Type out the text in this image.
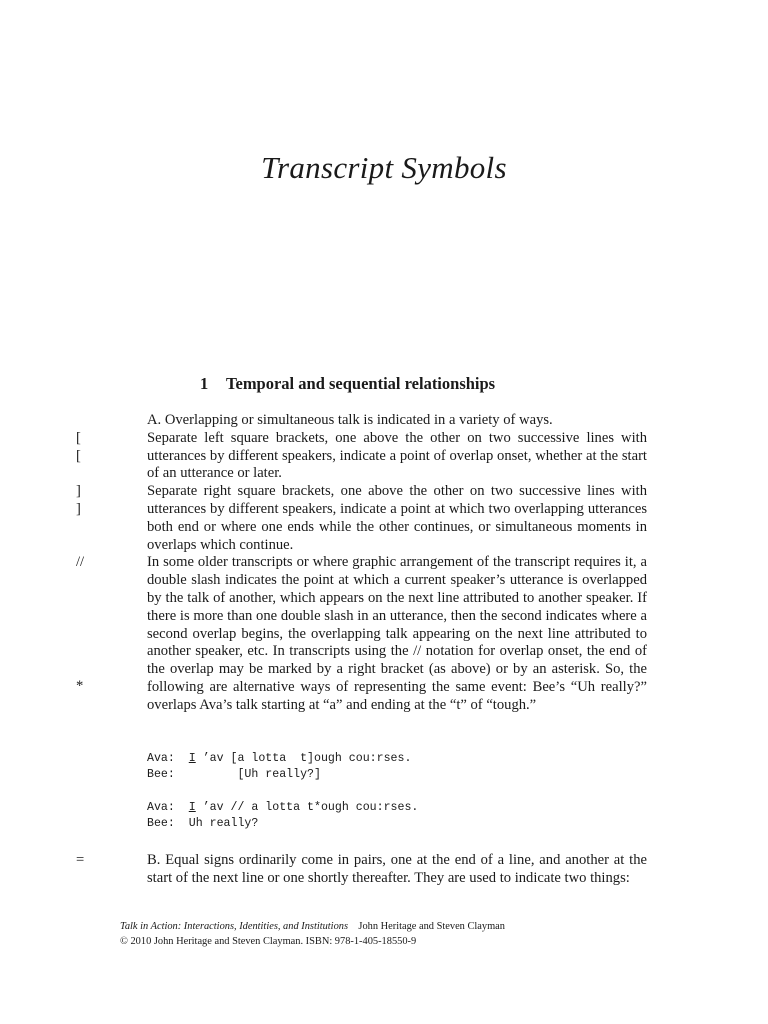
Transcript Symbols
1 Temporal and sequential relationships
[
[
]
]
//
*
=

A. Overlapping or simultaneous talk is indicated in a variety of ways.

Separate left square brackets, one above the other on two successive lines with utterances by different speakers, indicate a point of overlap onset, whether at the start of an utterance or later.

Separate right square brackets, one above the other on two successive lines with utterances by different speakers, indicate a point at which two overlapping utterances both end or where one ends while the other continues, or simultaneous moments in overlaps which continue.

In some older transcripts or where graphic arrangement of the transcript requires it, a double slash indicates the point at which a current speaker’s utterance is overlapped by the talk of another, which appears on the next line attributed to another speaker. If there is more than one double slash in an utterance, then the second indicates where a second overlap begins, the overlapping talk appearing on the next line attributed to another speaker, etc. In transcripts using the // notation for overlap onset, the end of the overlap may be marked by a right bracket (as above) or by an asterisk. So, the following are alternative ways of representing the same event: Bee’s “Uh really?” overlaps Ava’s talk starting at “a” and ending at the “t” of “tough.”

Ava: I ’av [a lotta  t]ough cou:rses.
Bee:         [Uh really?]
Ava: I ’av // a lotta t*ough cou:rses.
Bee: Uh really?

B. Equal signs ordinarily come in pairs, one at the end of a line, and another at the start of the next line or one shortly thereafter. They are used to indicate two things:

Talk in Action: Interactions, Identities, and Institutions John Heritage and Steven Clayman
© 2010 John Heritage and Steven Clayman. ISBN: 978-1-405-18550-9
